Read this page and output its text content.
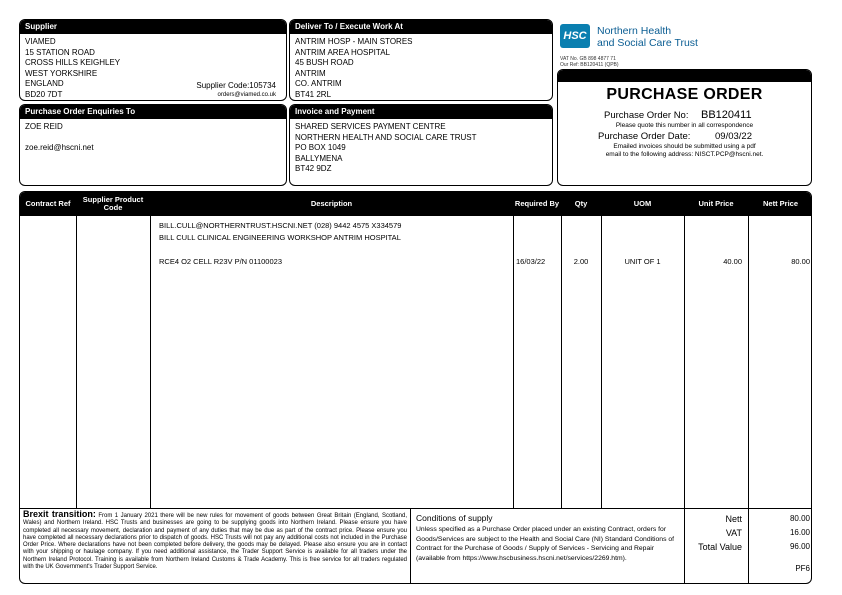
Supplier
VIAMED
15 STATION ROAD
CROSS HILLS KEIGHLEY
WEST YORKSHIRE
ENGLAND
BD20 7DT
Supplier Code:105734
orders@viamed.co.uk
Deliver To / Execute Work At
ANTRIM HOSP - MAIN STORES
ANTRIM AREA HOSPITAL
45 BUSH ROAD
ANTRIM
CO. ANTRIM
BT41 2RL
Purchase Order Enquiries To
ZOE REID
zoe.reid@hscni.net
Invoice and Payment
SHARED SERVICES PAYMENT CENTRE
NORTHERN HEALTH AND SOCIAL CARE TRUST
PO BOX 1049
BALLYMENA
BT42 9DZ
HSC Northern Health
and Social Care Trust
VAT No. GB 898 4877 71
Our Ref: BB120411 (QPB)
PURCHASE ORDER
Purchase Order No: BB120411
Please quote this number in all correspondence
Purchase Order Date:	09/03/22
Emailed invoices should be submitted using a pdf
email to the following address: NISCT.PCP@hscni.net.
Contract Ref	Supplier Product Code	Description	Required By	Qty	UOM	Unit Price	Nett Price
BILL.CULL@NORTHERNTRUST.HSCNI.NET (028) 9442 4575 X334579
BILL CULL CLINICAL ENGINEERING WORKSHOP ANTRIM HOSPITAL
RCE4 O2 CELL R23V P/N 01100023	16/03/22	2.00	UNIT OF 1	40.00	80.00
Brexit transition: From 1 January 2021 there will be new rules for movement of goods between Great Britain (England, Scotland, Wales) and Northern Ireland. HSC Trusts and businesses are going to be supplying goods into Northern Ireland. Please ensure you have completed all necessary movement, declaration and payment of any duties that may be due as part of the contract price. Please ensure you have completed all necessary declarations prior to dispatch of goods. HSC Trusts will not pay any additional costs not included in the Purchase Order Price. Where declarations have not been completed before delivery, the goods may be delayed. Please also ensure you are in contact with your shipping or haulage company. If you need additional assistance, the Trader Support Service is available for all traders under the Northern Ireland Protocol. Training is available from Northern Ireland Customs & Trade Academy. This is free service for all traders regulated with the UK Government's Trader Support Service.
Conditions of supply
Unless specified as a Purchase Order placed under an existing Contract, orders for Goods/Services are subject to the Health and Social Care (NI) Standard Conditions of Contract for the Purchase of Goods / Supply of Services - Servicing and Repair (available from https://www.hscbusiness.hscni.net/services/2269.htm).
Nett	80.00
VAT	16.00
Total Value	96.00
PF6
